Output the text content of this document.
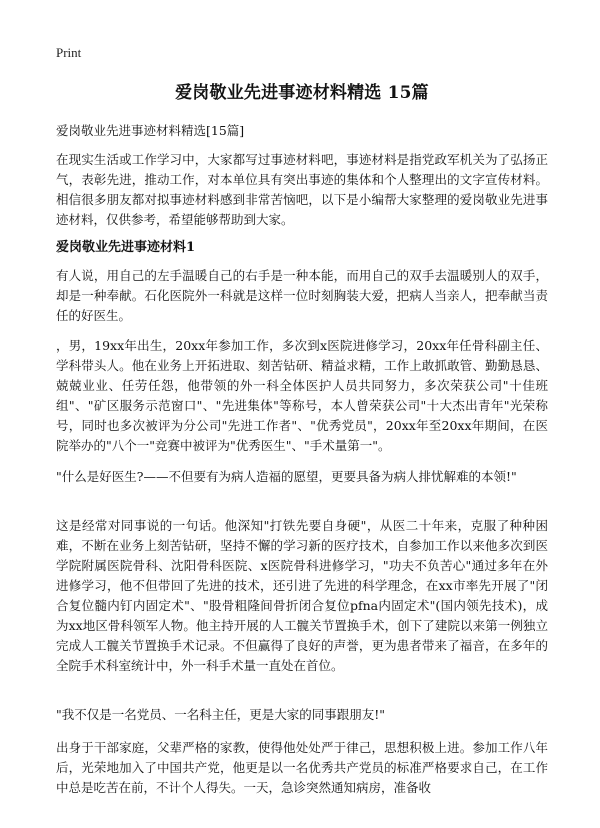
Print
爱岗敬业先进事迹材料精选 15篇
爱岗敬业先进事迹材料精选[15篇]

在现实生活或工作学习中，大家都写过事迹材料吧，事迹材料是指党政军机关为了弘扬正气，表彰先进，推动工作，对本单位具有突出事迹的集体和个人整理出的文字宣传材料。相信很多朋友都对拟事迹材料感到非常苦恼吧，以下是小编帮大家整理的爱岗敬业先进事迹材料，仅供参考，希望能够帮助到大家。

爱岗敬业先进事迹材料1

有人说，用自己的左手温暖自己的右手是一种本能，而用自己的双手去温暖别人的双手，却是一种奉献。石化医院外一科就是这样一位时刻胸装大爱，把病人当亲人，把奉献当责任的好医生。

，男，19xx年出生，20xx年参加工作，多次到x医院进修学习，20xx年任骨科副主任、学科带头人。他在业务上开拓进取、刻苦钻研、精益求精，工作上敢抓敢管、勤勤恳恳、兢兢业业、任劳任怨，他带领的外一科全体医护人员共同努力，多次荣获公司"十佳班组"、"矿区服务示范窗口"、"先进集体"等称号，本人曾荣获公司"十大杰出青年"光荣称号，同时也多次被评为分公司"先进工作者"、"优秀党员"，20xx年至20xx年期间，在医院举办的"八个一"竞赛中被评为"优秀医生"、"手术量第一"。

"什么是好医生?——不但要有为病人造福的愿望，更要具备为病人排忧解难的本领!"

这是经常对同事说的一句话。他深知"打铁先要自身硬"，从医二十年来，克服了种种困难，不断在业务上刻苦钻研，坚持不懈的学习新的医疗技术，自参加工作以来他多次到医学院附属医院骨科、沈阳骨科医院、x医院骨科进修学习，"功夫不负苦心"通过多年在外进修学习，他不但带回了先进的技术，还引进了先进的科学理念，在xx市率先开展了"闭合复位髓内钉内固定术"、"股骨粗隆间骨折闭合复位pfna内固定术"(国内领先技术)，成为xx地区骨科领军人物。他主持开展的人工髋关节置换手术，创下了建院以来第一例独立完成人工髋关节置换手术记录。不但赢得了良好的声誉，更为患者带来了福音，在多年的全院手术科室统计中，外一科手术量一直处在首位。

"我不仅是一名党员、一名科主任，更是大家的同事跟朋友!"

出身于干部家庭，父辈严格的家教，使得他处处严于律己，思想积极上进。参加工作八年后，光荣地加入了中国共产党，他更是以一名优秀共产党员的标准严格要求自己，在工作中总是吃苦在前，不计个人得失。一天，急诊突然通知病房，准备收
